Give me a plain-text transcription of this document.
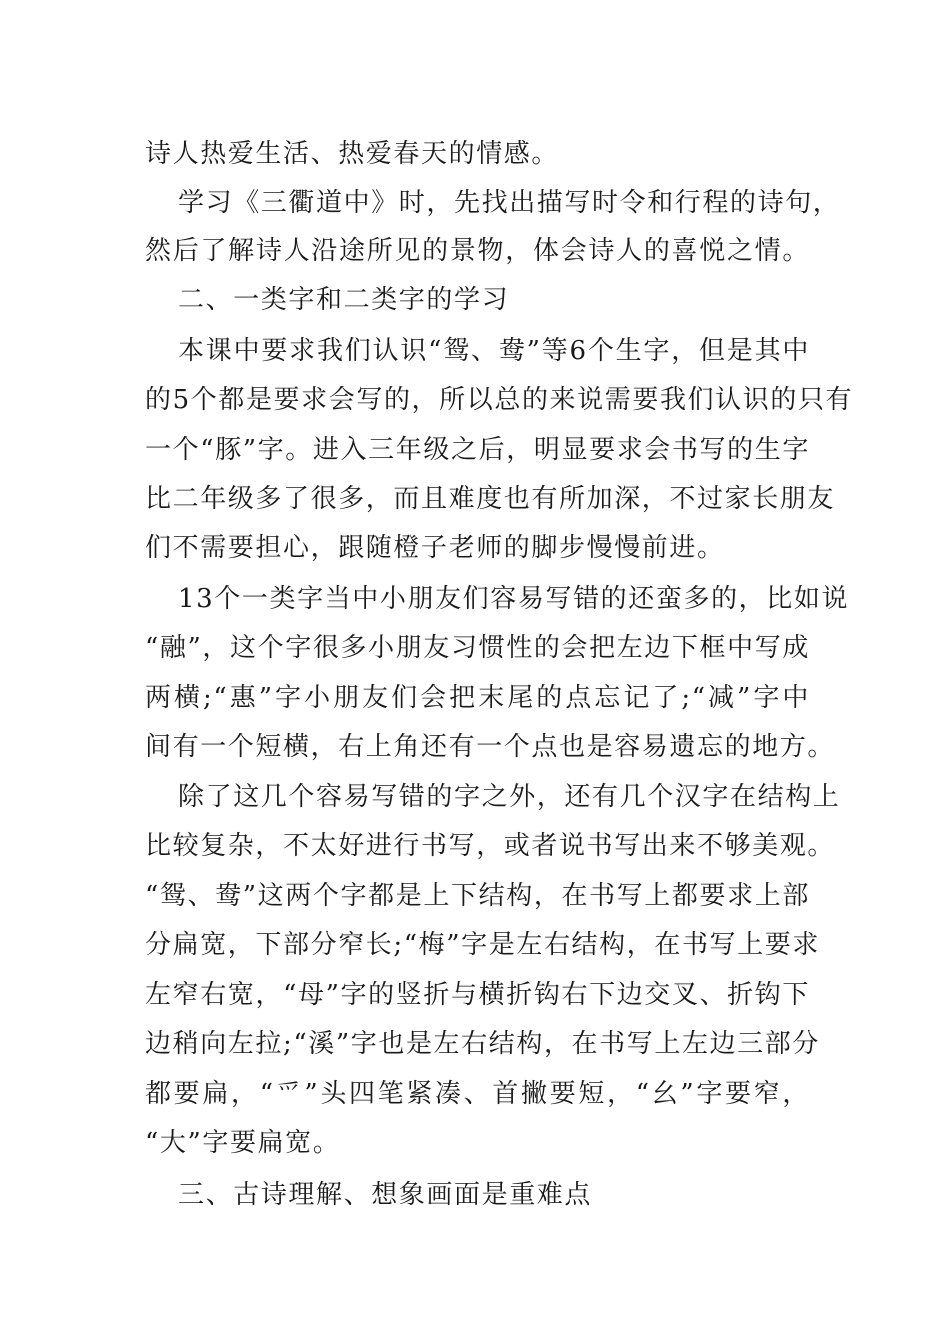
诗人热爱生活、热爱春天的情感。
学习《三衢道中》时，先找出描写时令和行程的诗句，
然后了解诗人沿途所见的景物，体会诗人的喜悦之情。
二、一类字和二类字的学习
本课中要求我们认识“鸳、鸯”等6个生字，但是其中
的5个都是要求会写的，所以总的来说需要我们认识的只有
一个“豚”字。进入三年级之后，明显要求会书写的生字
比二年级多了很多，而且难度也有所加深，不过家长朋友
们不需要担心，跟随橙子老师的脚步慢慢前进。
13个一类字当中小朋友们容易写错的还蛮多的，比如说
“融”，这个字很多小朋友习惯性的会把左边下框中写成
两横;“惠”字小朋友们会把末尾的点忘记了;“减”字中
间有一个短横，右上角还有一个点也是容易遗忘的地方。
除了这几个容易写错的字之外，还有几个汉字在结构上
比较复杂，不太好进行书写，或者说书写出来不够美观。
“鸳、鸯”这两个字都是上下结构，在书写上都要求上部
分扁宽，下部分窄长;“梅”字是左右结构，在书写上要求
左窄右宽，“母”字的竖折与横折钩右下边交叉、折钩下
边稍向左拉;“溪”字也是左右结构，在书写上左边三部分
都要扁，“爫”头四笔紧凑、首撇要短，“幺”字要窄，
“大”字要扁宽。
三、古诗理解、想象画面是重难点
